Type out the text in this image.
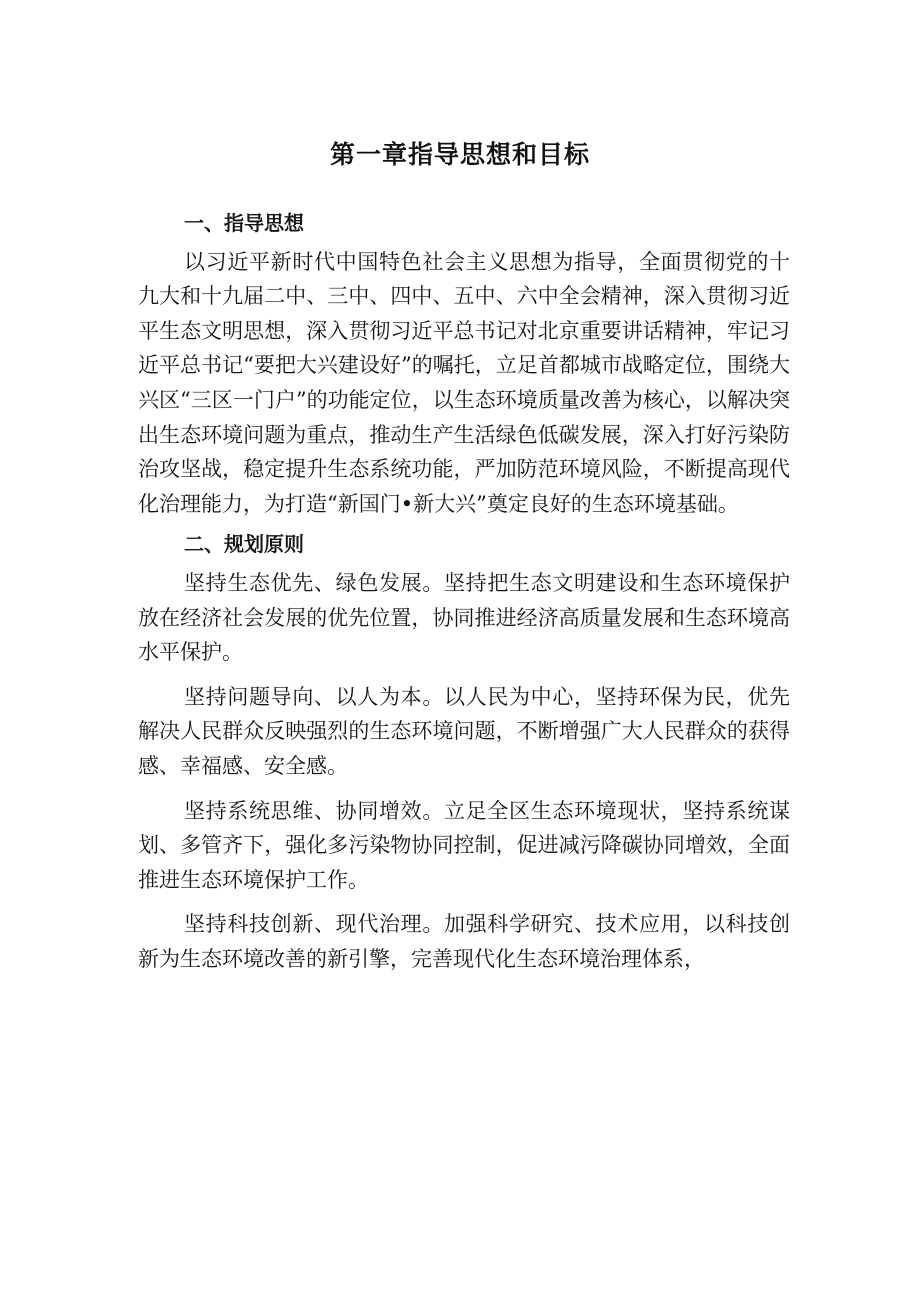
第一章指导思想和目标
一、指导思想

以习近平新时代中国特色社会主义思想为指导，全面贯彻党的十九大和十九届二中、三中、四中、五中、六中全会精神，深入贯彻习近平生态文明思想，深入贯彻习近平总书记对北京重要讲话精神，牢记习近平总书记“要把大兴建设好”的嘱托，立足首都城市战略定位，围绕大兴区“三区一门户”的功能定位，以生态环境质量改善为核心，以解决突出生态环境问题为重点，推动生产生活绿色低碳发展，深入打好污染防治攻坚战，稳定提升生态系统功能，严加防范环境风险，不断提高现代化治理能力，为打造“新国门•新大兴”奠定良好的生态环境基础。

二、规划原则

坚持生态优先、绿色发展。坚持把生态文明建设和生态环境保护放在经济社会发展的优先位置，协同推进经济高质量发展和生态环境高水平保护。

坚持问题导向、以人为本。以人民为中心，坚持环保为民，优先解决人民群众反映强烈的生态环境问题，不断增强广大人民群众的获得感、幸福感、安全感。

坚持系统思维、协同增效。立足全区生态环境现状，坚持系统谋划、多管齐下，强化多污染物协同控制，促进减污降碳协同增效，全面推进生态环境保护工作。

坚持科技创新、现代治理。加强科学研究、技术应用，以科技创新为生态环境改善的新引擎，完善现代化生态环境治理体系，
